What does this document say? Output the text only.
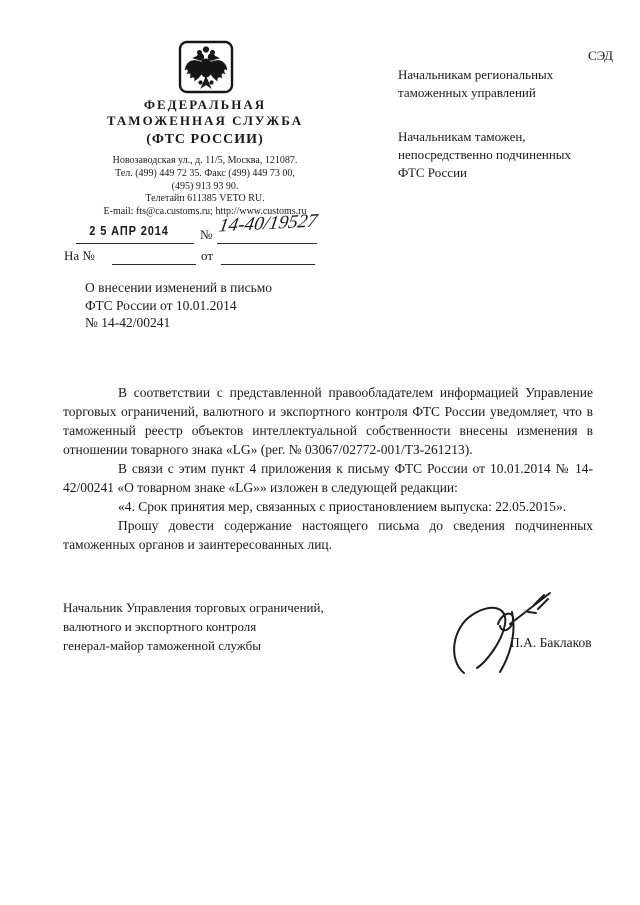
СЭД
ФЕДЕРАЛЬНАЯ
ТАМОЖЕННАЯ СЛУЖБА
(ФТС РОССИИ)
Новозаводская ул., д. 11/5, Москва, 121087.
Тел. (499) 449 72 35. Факс (499) 449 73 00,
(495) 913 93 90.
Телетайп 611385 VETO RU.
E-mail: fts@ca.customs.ru; http://www.customs.ru
2 5 АПР 2014	№ 14-40/19527
На №	от
О внесении изменений в письмо
ФТС России от 10.01.2014
№ 14-42/00241
Начальникам региональных
таможенных управлений
Начальникам таможен,
непосредственно подчиненных
ФТС России

В соответствии с представленной правообладателем информацией Управление торговых ограничений, валютного и экспортного контроля ФТС России уведомляет, что в таможенный реестр объектов интеллектуальной собственности внесены изменения в отношении товарного знака «LG» (рег. № 03067/02772-001/ТЗ-261213).

В связи с этим пункт 4 приложения к письму ФТС России от 10.01.2014 № 14-42/00241 «О товарном знаке «LG»» изложен в следующей редакции:

«4. Срок принятия мер, связанных с приостановлением выпуска: 22.05.2015».

Прошу довести содержание настоящего письма до сведения подчиненных таможенных органов и заинтересованных лиц.

Начальник Управления торговых ограничений,
валютного и экспортного контроля
генерал-майор таможенной службы	П.А. Баклаков
